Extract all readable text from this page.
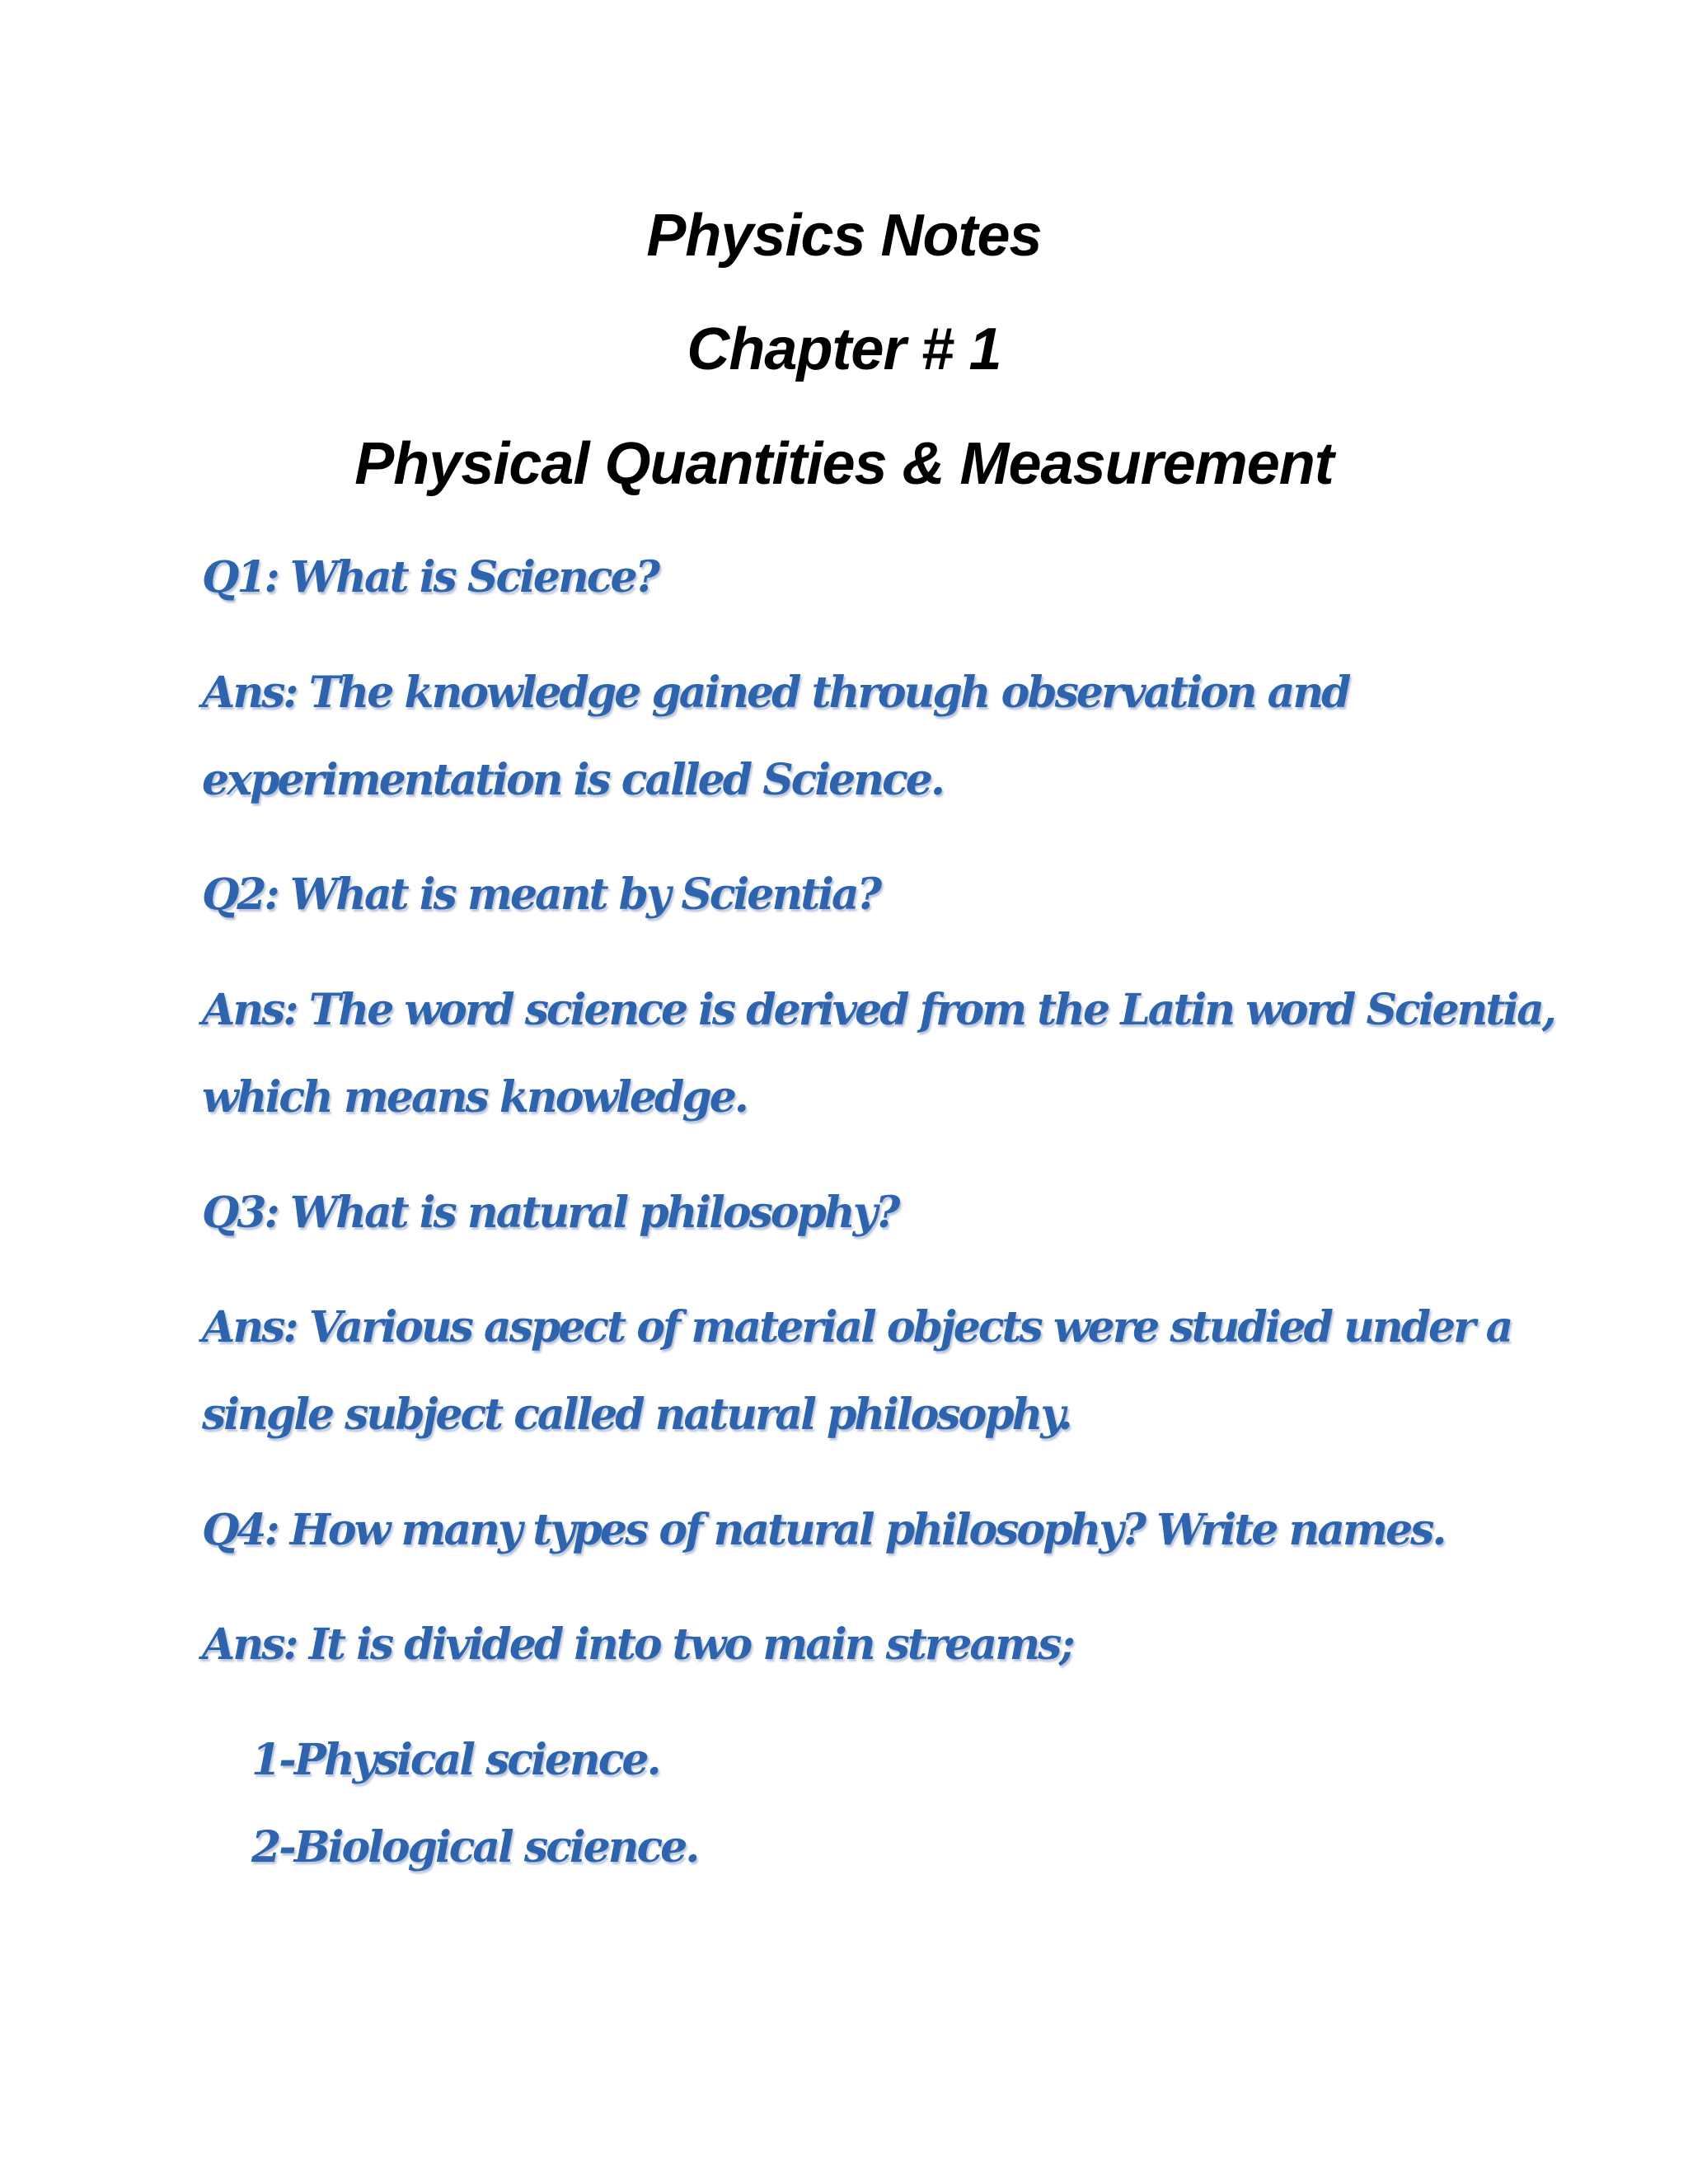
Physics Notes
Chapter # 1
Physical Quantities & Measurement

Q1: What is Science?

Ans: The knowledge gained through observation and

experimentation is called Science.

Q2: What is meant by Scientia?

Ans: The word science is derived from the Latin word Scientia,

which means knowledge.

Q3: What is natural philosophy?

Ans: Various aspect of material objects were studied under a

single subject called natural philosophy.

Q4: How many types of natural philosophy? Write names.

Ans: It is divided into two main streams;

1-Physical science.

2-Biological science.
